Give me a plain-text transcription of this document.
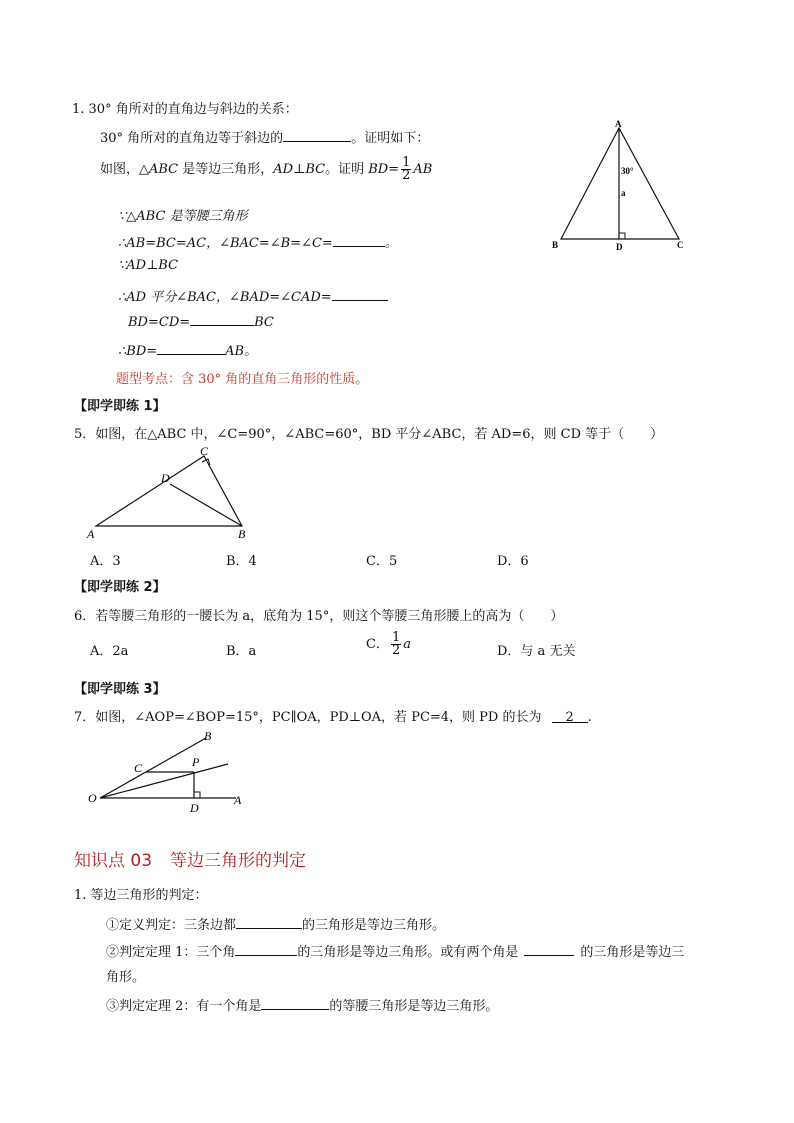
1. 30° 角所对的直角边与斜边的关系：
30° 角所对的直角边等于斜边的	。证明如下：
如图，△ABC 是等边三角形，AD⊥BC。证明 $BD= \frac{1}{2}$ AB
∵△ABC 是等腰三角形
∴AB=BC=AC，∠BAC=∠B=∠C=	。
∵AD⊥BC
∴AD 平分∠BAC，∠BAD=∠CAD=
BD=CD=	BC
∴BD=	AB。
题型考点：含 30° 角的直角三角形的性质。
A
B	C
D
30°
a
【即学即练 1】
5．如图，在△ABC 中，∠C=90°，∠ABC=60°，BD 平分∠ABC，若 AD=6，则 CD 等于（　　）
A	B
C
D
A．3	B．4	C．5	D．6
【即学即练 2】
6．若等腰三角形的一腰长为 a，底角为 15°，则这个等腰三角形腰上的高为（　　）
A．2a	B．a	C． $\frac{1}{2}$ a	D．与 a 无关
【即学即练 3】
7．如图，∠AOP=∠BOP=15°，PC∥OA，PD⊥OA，若 PC=4，则 PD 的长为 2 .
O	A
B
C	P
D
知识点 03 等边三角形的判定
1. 等边三角形的判定：
①定义判定：三条边都	的三角形是等边三角形。
②判定定理 1：三个角	的三角形是等边三角形。或有两个角是	的三角形是等边三
角形。
③判定定理 2：有一个角是	的等腰三角形是等边三角形。
